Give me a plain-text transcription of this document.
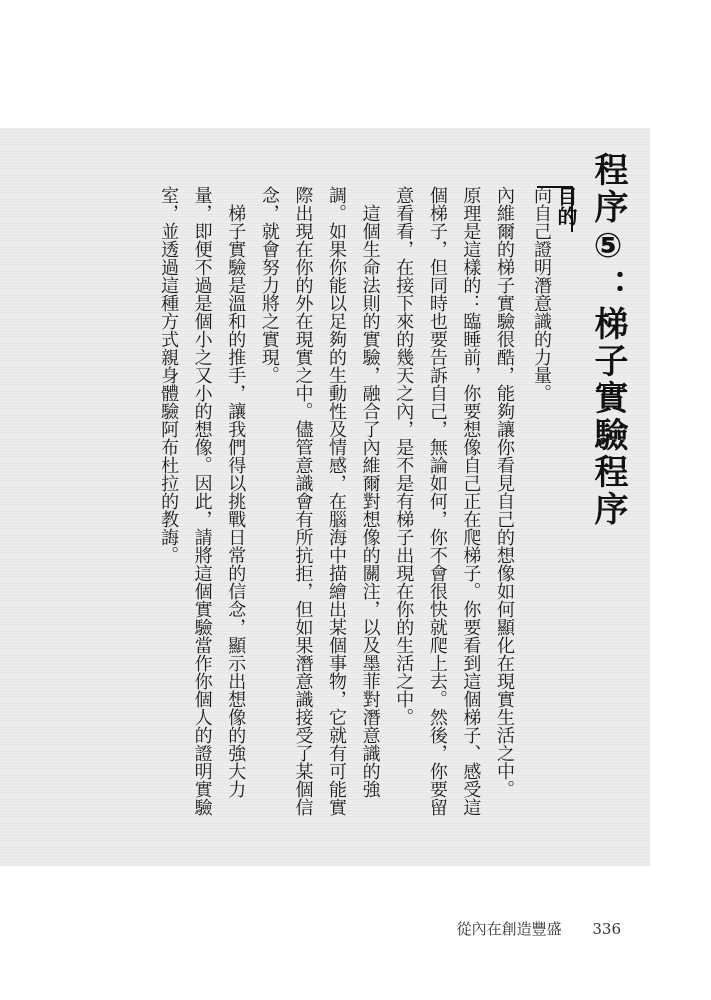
程序⑤：梯子實驗程序
目的
向自己證明潛意識的力量。
內維爾的梯子實驗很酷，能夠讓你看見自己的想像如何顯化在現實生活之中。
原理是這樣的：臨睡前，你要想像自己正在爬梯子。你要看到這個梯子、感受這
個梯子，但同時也要告訴自己，無論如何，你不會很快就爬上去。然後，你要留
意看看，在接下來的幾天之內，是不是有梯子出現在你的生活之中。
這個生命法則的實驗，融合了內維爾對想像的關注，以及墨菲對潛意識的強
調。如果你能以足夠的生動性及情感，在腦海中描繪出某個事物，它就有可能實
際出現在你的外在現實之中。儘管意識會有所抗拒，但如果潛意識接受了某個信
念，就會努力將之實現。
梯子實驗是溫和的推手，讓我們得以挑戰日常的信念，顯示出想像的強大力
量，即便不過是個小之又小的想像。因此，請將這個實驗當作你個人的證明實驗
室，並透過這種方式親身體驗阿布杜拉的教誨。
從內在創造豐盛 336
